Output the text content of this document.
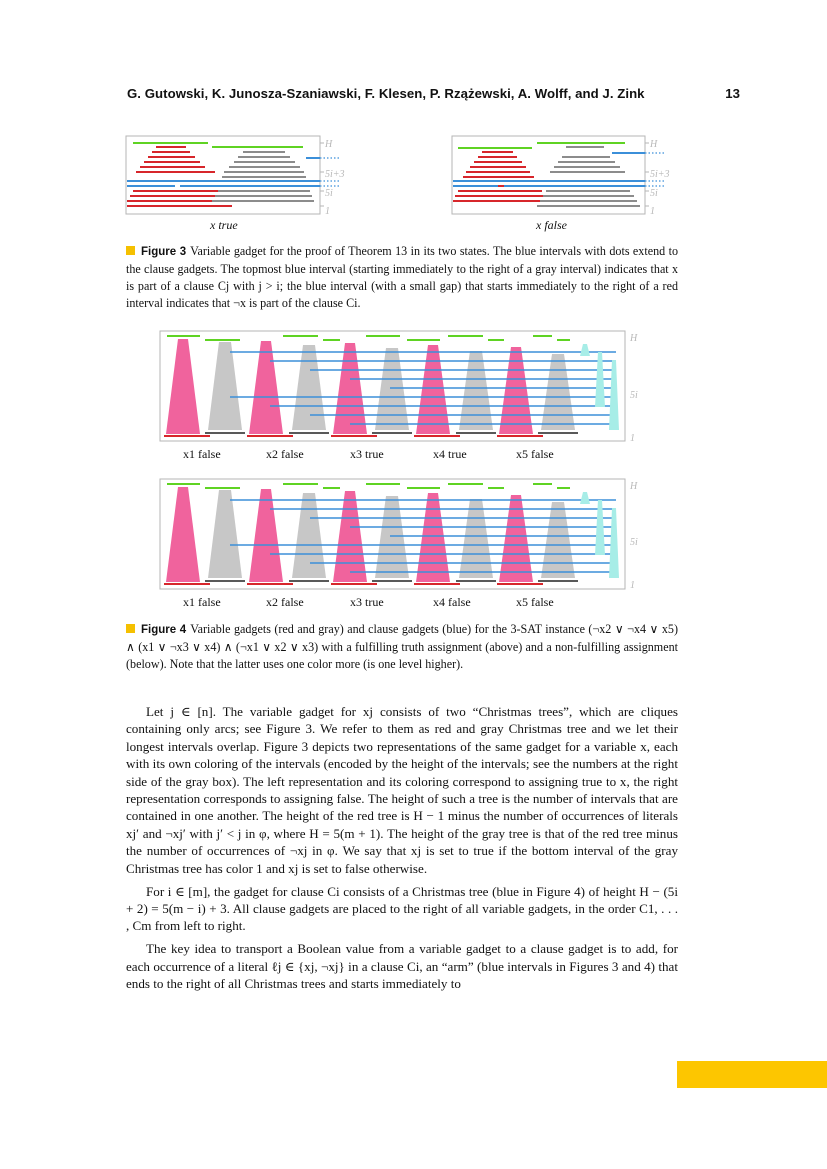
G. Gutowski, K. Junosza-Szaniawski, F. Klesen, P. Rzążewski, A. Wolff, and J. Zink	13
H
5i+3
5i
1
x true
H
5i+3
5i
1
x false
Figure 3 Variable gadget for the proof of Theorem 13 in its two states. The blue intervals with dots extend to the clause gadgets. The topmost blue interval (starting immediately to the right of a gray interval) indicates that x is part of a clause Cj with j > i; the blue interval (with a small gap) that starts immediately to the right of a red interval indicates that ¬x is part of the clause Ci.
H
5i
1
H
5i
1
x1 false	x2 false	x3 true	x4 true	x5 false
x1 false	x2 false	x3 true	x4 false	x5 false
Figure 4 Variable gadgets (red and gray) and clause gadgets (blue) for the 3-SAT instance (¬x2 ∨ ¬x4 ∨ x5) ∧ (x1 ∨ ¬x3 ∨ x4) ∧ (¬x1 ∨ x2 ∨ x3) with a fulfilling truth assignment (above) and a non-fulfilling assignment (below). Note that the latter uses one color more (is one level higher).

Let j ∈ [n]. The variable gadget for xj consists of two “Christmas trees”, which are cliques containing only arcs; see Figure 3. We refer to them as red and gray Christmas tree and we let their longest intervals overlap. Figure 3 depicts two representations of the same gadget for a variable x, each with its own coloring of the intervals (encoded by the height of the intervals; see the numbers at the right side of the gray box). The left representation and its coloring correspond to assigning true to x, the right representation corresponds to assigning false. The height of such a tree is the number of intervals that are contained in one another. The height of the red tree is H − 1 minus the number of occurrences of literals xj′ and ¬xj′ with j′ < j in φ, where H = 5(m + 1). The height of the gray tree is that of the red tree minus the number of occurrences of ¬xj in φ. We say that xj is set to true if the bottom interval of the gray Christmas tree has color 1 and xj is set to false otherwise.

For i ∈ [m], the gadget for clause Ci consists of a Christmas tree (blue in Figure 4) of height H − (5i + 2) = 5(m − i) + 3. All clause gadgets are placed to the right of all variable gadgets, in the order C1, . . . , Cm from left to right.

The key idea to transport a Boolean value from a variable gadget to a clause gadget is to add, for each occurrence of a literal ℓj ∈ {xj, ¬xj} in a clause Ci, an “arm” (blue intervals in Figures 3 and 4) that ends to the right of all Christmas trees and starts immediately to
